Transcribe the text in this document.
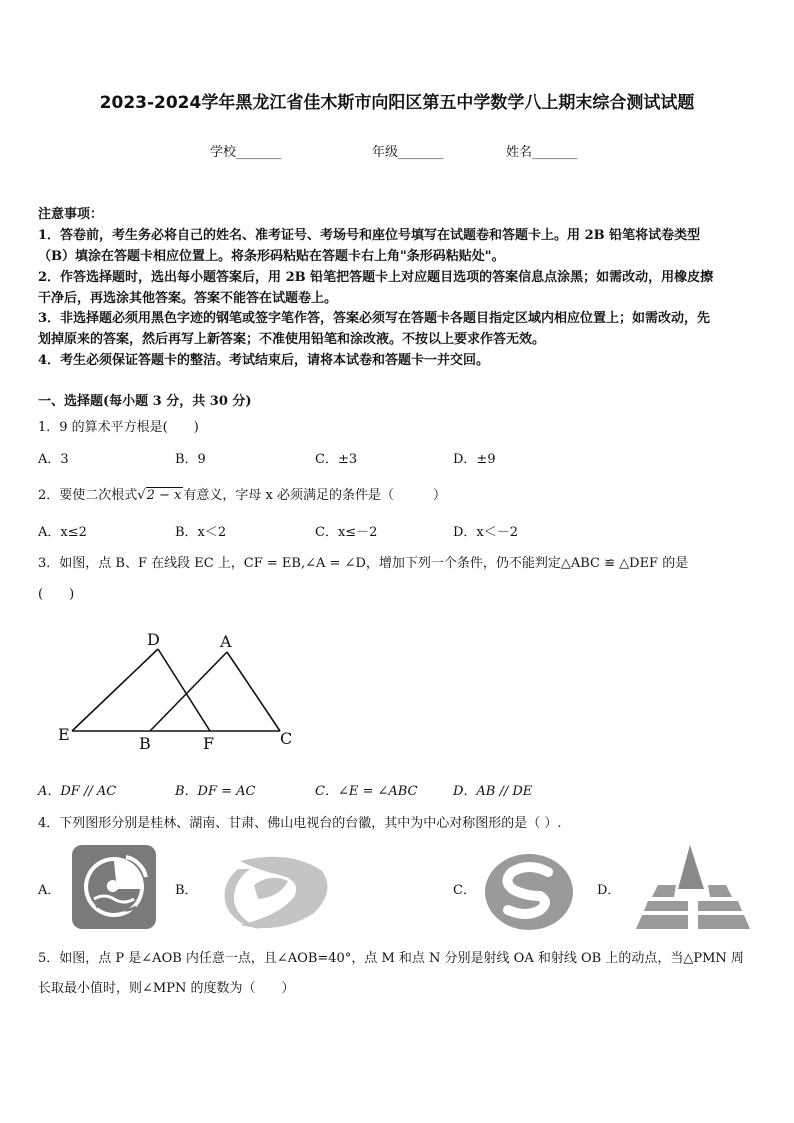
2023-2024学年黑龙江省佳木斯市向阳区第五中学数学八上期末综合测试试题
学校_______	年级_______	姓名_______
注意事项：
1．答卷前，考生务必将自己的姓名、准考证号、考场号和座位号填写在试题卷和答题卡上。用 2B 铅笔将试卷类型
（B）填涂在答题卡相应位置上。将条形码粘贴在答题卡右上角"条形码粘贴处"。
2．作答选择题时，选出每小题答案后，用 2B 铅笔把答题卡上对应题目选项的答案信息点涂黑；如需改动，用橡皮擦
干净后，再选涂其他答案。答案不能答在试题卷上。
3．非选择题必须用黑色字迹的钢笔或签字笔作答，答案必须写在答题卡各题目指定区域内相应位置上；如需改动，先
划掉原来的答案，然后再写上新答案；不准使用铅笔和涂改液。不按以上要求作答无效。
4．考生必须保证答题卡的整洁。考试结束后，请将本试卷和答题卡一并交回。
一、选择题(每小题 3 分，共 30 分)
1．9 的算术平方根是(　　)
A．3	B．9	C．±3	D．±9
2．要使二次根式√2 − x 有意义，字母 x 必须满足的条件是（　　　）
A．x≤2	B．x＜2	C．x≤－2	D．x＜－2
3．如图，点 B、F 在线段 EC 上，CF = EB,∠A = ∠D，增加下列一个条件，仍不能判定△ABC ≌ △DEF 的是
(　　)
D	A
E	B	F	C
A．DF // AC	B．DF = AC	C．∠E = ∠ABC	D．AB // DE
4．下列图形分别是桂林、湖南、甘肃、佛山电视台的台徽，其中为中心对称图形的是（ ）.
A．	B．	C．	D．
5．如图，点 P 是∠AOB 内任意一点，且∠AOB=40°，点 M 和点 N 分别是射线 OA 和射线 OB 上的动点，当△PMN 周
长取最小值时，则∠MPN 的度数为（　　）
